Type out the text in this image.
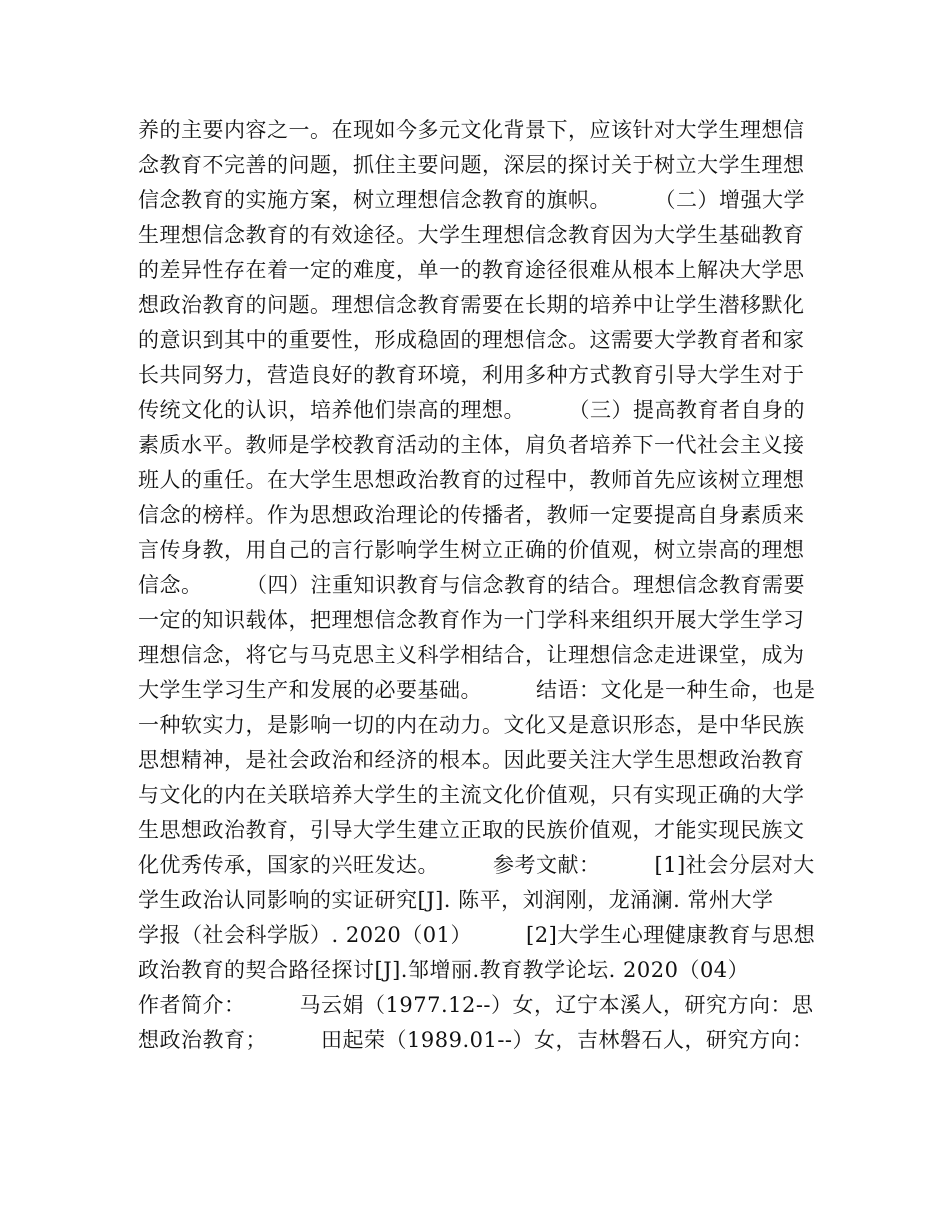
养的主要内容之一。在现如今多元文化背景下，应该针对大学生理想信
念教育不完善的问题，抓住主要问题，深层的探讨关于树立大学生理想
信念教育的实施方案，树立理想信念教育的旗帜。　　　（二）增强大学
生理想信念教育的有效途径。大学生理想信念教育因为大学生基础教育
的差异性存在着一定的难度，单一的教育途径很难从根本上解决大学思
想政治教育的问题。理想信念教育需要在长期的培养中让学生潜移默化
的意识到其中的重要性，形成稳固的理想信念。这需要大学教育者和家
长共同努力，营造良好的教育环境，利用多种方式教育引导大学生对于
传统文化的认识，培养他们崇高的理想。　　　（三）提高教育者自身的
素质水平。教师是学校教育活动的主体，肩负者培养下一代社会主义接
班人的重任。在大学生思想政治教育的过程中，教师首先应该树立理想
信念的榜样。作为思想政治理论的传播者，教师一定要提高自身素质来
言传身教，用自己的言行影响学生树立正确的价值观，树立崇高的理想
信念。　　　（四）注重知识教育与信念教育的结合。理想信念教育需要
一定的知识载体，把理想信念教育作为一门学科来组织开展大学生学习
理想信念，将它与马克思主义科学相结合，让理想信念走进课堂，成为
大学生学习生产和发展的必要基础。　　　结语：文化是一种生命，也是
一种软实力，是影响一切的内在动力。文化又是意识形态，是中华民族
思想精神，是社会政治和经济的根本。因此要关注大学生思想政治教育
与文化的内在关联培养大学生的主流文化价值观，只有实现正确的大学
生思想政治教育，引导大学生建立正取的民族价值观，才能实现民族文
化优秀传承，国家的兴旺发达。　　　参考文献：　　　[1]社会分层对大
学生政治认同影响的实证研究[J]. 陈平，刘润刚，龙涌澜. 常州大学
学报（社会科学版）. 2020（01）　　　[2]大学生心理健康教育与思想
政治教育的契合路径探讨[J].邹增丽.教育教学论坛. 2020（04）
作者简介：　　　马云娟（1977.12--）女，辽宁本溪人，研究方向：思
想政治教育；　　　田起荣（1989.01--）女，吉林磐石人，研究方向：
